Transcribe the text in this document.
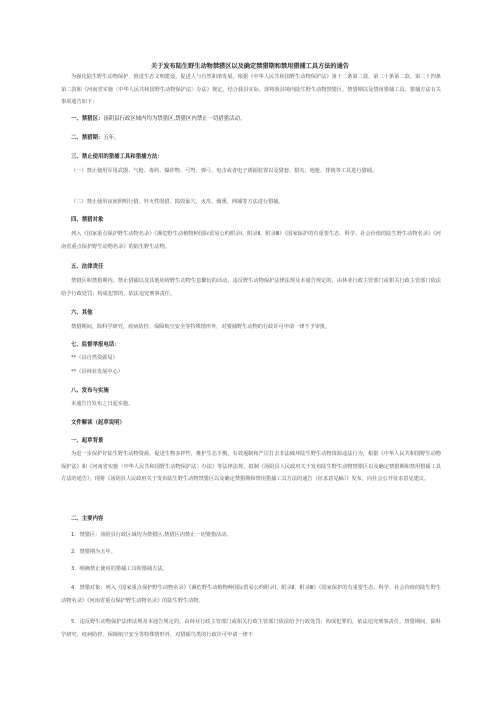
关于发布陆生野生动物禁猎区以及确定禁猎期和禁用猎捕工具方法的通告

为强化陆生野生动物保护，推进生态文明建设，促进人与自然和谐发展，根据《中华人民共和国野生动物保护法》第十二条第二款、第二十条第二款、第二十四条第二款和《河南省实施〈中华人民共和国野生动物保护法〉办法》规定，结合我县实际，现将我县境内陆生野生动物禁猎区、禁猎期以及禁用猎捕工具、猎捕方法有关事项通告如下：

一、禁猎区：汤阴县行政区域内均为禁猎区,禁猎区内禁止一切猎猎活动。

二、禁猎期：五年。

三、禁止使用的猎捕工具和猎捕方法：

（一）禁止使用军用武器、气枪、毒药、爆炸物、弓弩、弹弓、电击或者电子诱捕装置以及猎套、猎夹、地枪、排铳等工具进行猎捕。

（二）禁止使用夜间照明行猎、歼灭性围猎、捣毁巢穴、火攻、烟熏、网捕等方法进行猎捕。

四、禁猎对象

列入《国家重点保护野生动物名录》《濒危野生动植物种国际贸易公约附录Ⅰ、附录Ⅱ、附录Ⅲ》《国家保护的有重要生态、科学、社会价值的陆生野生动物名录》《河南省重点保护野生动物名录》的陆生野生动物。

五、法律责任

禁猎区和禁猎期内，禁止猎捕以及其他妨碍野生动物生息繁衍的活动。违反野生动物保护法律法规及本通告规定的，由林业行政主管部门或相关行政主管部门依法给予行政处罚；构成犯罪的，依法追究刑事责任。

六、其他

禁猎期间，除科学研究、疫病防控、保障航空安全等特殊情形外，对猎捕野生动物的行政许可申请一律不予审批。

七、监督举报电话：

**（县自然资源局）

**（县林业发展中心）

八、发布与实施

本通告自发布之日起实施。

文件解读（起草说明）

一、起草背景

为进一步保护好陆生野生动物资源，促进生物多样性，维护生态平衡，有效遏制和严厉打击非法破坏陆生野生动物资源违法行为，根据《中华人民共和国野生动物保护法》和《河南省实施〈中华人民共和国野生动物保护法〉办法》等法律法规，拟制《汤阴县人民政府关于发布陆生野生动物禁猎区以及确定禁猎期和禁用猎捕工具方法的通告》，现将《汤阴县人民政府关于发布陆生野生动物禁猎区以及确定禁猎期和禁用猎捕工具方法的通告（征求意见稿）》发布，向社会公开征求意见建议。

二、主要内容

1．禁猎区：汤阴县行政区域均为禁猎区,禁猎区内禁止一切猎猎活动。

2．禁猎期为五年。

3．明确禁止使用的猎捕工具和猎捕方法。

4．禁猎对象：列入《国家重点保护野生动物名录》《濒危野生动植物种国际贸易公约附录Ⅰ、附录Ⅱ、附录Ⅲ》《国家保护的有重要生态、科学、社会价值的陆生野生动物名录》《河南省重点保护野生动物名录》的陆生野生动物。

5．违反野生动物保护法律法规及本通告规定的，由林业行政主管部门或相关行政主管部门依法给予行政处罚；构成犯罪的，依法追究刑事责任。禁猎期间，除科学研究、疫病防控、保障航空安全等特殊情形外，对猎捕鸟类的行政许可申请一律不
